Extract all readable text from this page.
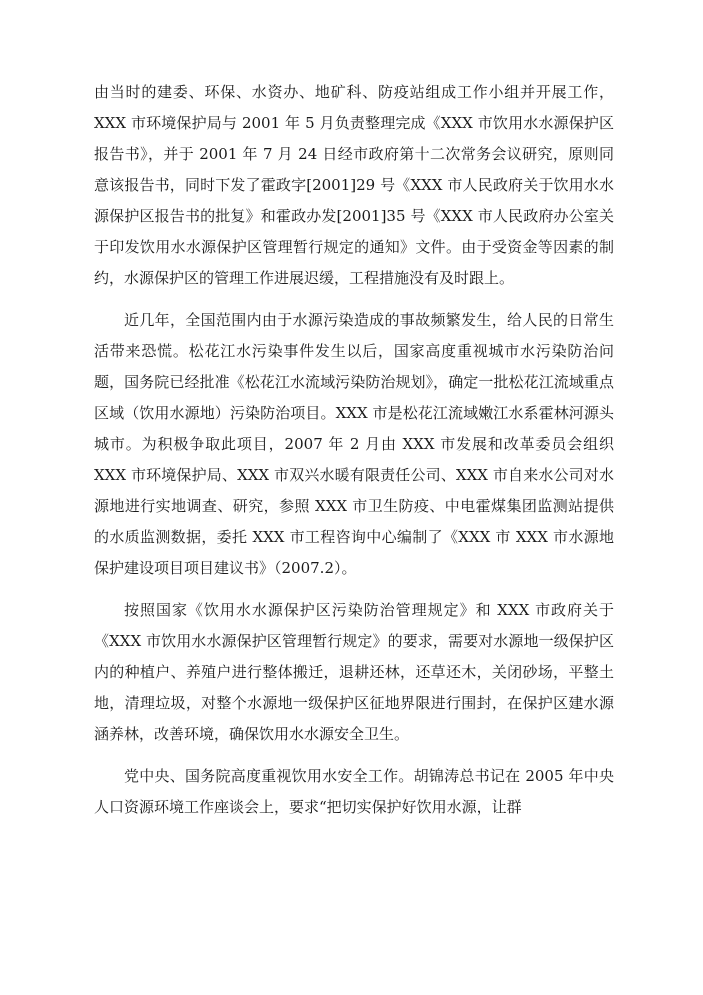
由当时的建委、环保、水资办、地矿科、防疫站组成工作小组并开展工作，XXX 市环境保护局与 2001 年 5 月负责整理完成《XXX 市饮用水水源保护区报告书》，并于 2001 年 7 月 24 日经市政府第十二次常务会议研究，原则同意该报告书，同时下发了霍政字[2001]29 号《XXX 市人民政府关于饮用水水源保护区报告书的批复》和霍政办发[2001]35 号《XXX 市人民政府办公室关于印发饮用水水源保护区管理暂行规定的通知》文件。由于受资金等因素的制约，水源保护区的管理工作进展迟缓，工程措施没有及时跟上。

近几年，全国范围内由于水源污染造成的事故频繁发生，给人民的日常生活带来恐慌。松花江水污染事件发生以后，国家高度重视城市水污染防治问题，国务院已经批准《松花江水流域污染防治规划》，确定一批松花江流域重点区域（饮用水源地）污染防治项目。XXX 市是松花江流域嫩江水系霍林河源头城市。为积极争取此项目，2007 年 2 月由 XXX 市发展和改革委员会组织 XXX 市环境保护局、XXX 市双兴水暖有限责任公司、XXX 市自来水公司对水源地进行实地调查、研究，参照 XXX 市卫生防疫、中电霍煤集团监测站提供的水质监测数据，委托 XXX 市工程咨询中心编制了《XXX 市 XXX 市水源地保护建设项目项目建议书》（2007.2）。

按照国家《饮用水水源保护区污染防治管理规定》和 XXX 市政府关于《XXX 市饮用水水源保护区管理暂行规定》的要求，需要对水源地一级保护区内的种植户、养殖户进行整体搬迁，退耕还林，还草还木，关闭砂场，平整土地，清理垃圾，对整个水源地一级保护区征地界限进行围封，在保护区建水源涵养林，改善环境，确保饮用水水源安全卫生。

党中央、国务院高度重视饮用水安全工作。胡锦涛总书记在 2005 年中央人口资源环境工作座谈会上，要求“把切实保护好饮用水源，让群
